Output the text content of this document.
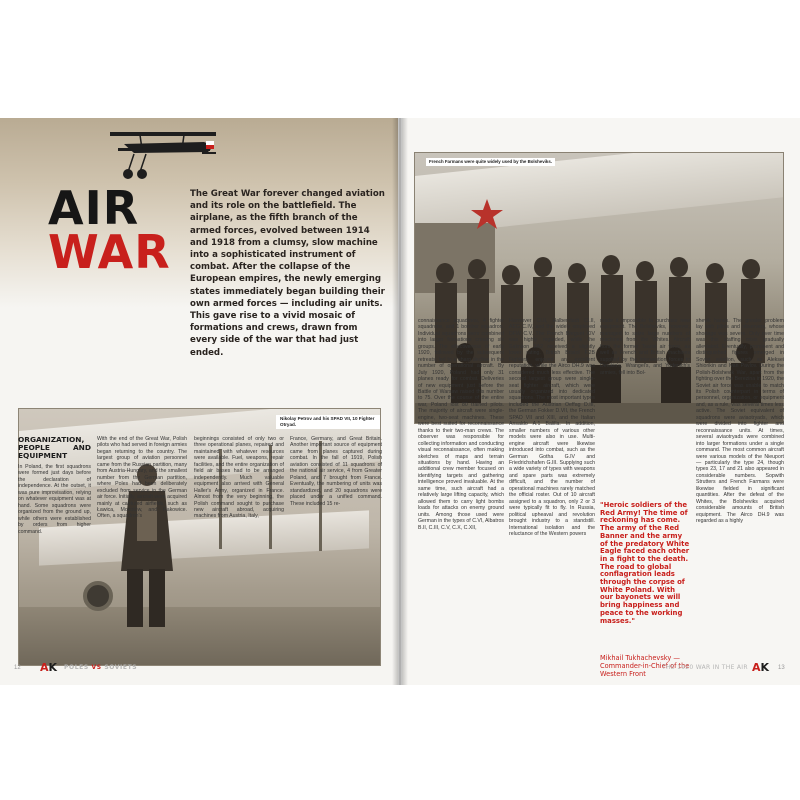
AIR
WAR
The Great War forever changed aviation and its role on the battlefield. The airplane, as the fifth branch of the armed forces, evolved between 1914 and 1918 from a clumsy, slow machine into a sophisticated instrument of combat. After the collapse of the European empires, the newly emerging states immediately began building their own armed forces — including air units. This gave rise to a vivid mosaic of formations and crews, drawn from every side of the war that had just ended.
Nikolay Petrov and his SPAD VII, 10 Fighter Otryad.
ORGANIZATION, PEOPLE AND EQUIPMENT

In Poland, the first squadrons were formed just days before the declaration of independence. At the outset, it was pure improvisation, relying on whatever equipment was at hand. Some squadrons were organized from the ground up, while others were established by orders from higher command.

With the end of the Great War, Polish pilots who had served in foreign armies began returning to the country. The largest group of aviation personnel came from the Russian partition, many from Austria-Hungary, and the smallest number from the German partition, where Poles had been deliberately excluded from service in the German air force. Initially, aircraft were acquired mainly at captured airfields, such as Ławica, Mokotów, and Rakowice. Often, a squadron's
beginnings consisted of only two or three operational planes, repaired and maintained with whatever resources were available. Fuel, weapons, repair facilities, and the entire organization of field air bases had to be arranged independently. Much valuable equipment also arrived with General Haller's Army, organized in France. Almost from the very beginning, the Polish command sought to purchase new aircraft abroad, acquiring machines from Austria, Italy,
France, Germany, and Great Britain. Another important source of equipment came from planes captured during combat. In the fall of 1919, Polish aviation consisted of 11 squadrons of the national air service, 4 from Greater Poland, and 7 brought from France. Eventually, the numbering of units was standardized, and 20 squadrons were placed under a unified command. These included 15 re-
French Farmans were quite widely used by the Bolsheviks.
connaissance squadrons, 4 fighter squadrons, and 1 bomber squadron. Individual squadrons were combined into larger formations creating six groups. The effectiveness of early 1920, followed by the subsequent retreats, led to a sharp decline in the number of operational aircraft. By July 1920, Poland had only 31 planes ready for combat. Deliveries of new equipment just before the Battle of Warsaw raised this number to 75. Over the course of the entire war, Poland lost 80 trained pilots. The majority of aircraft were single-engine, two-seat machines. These were best suited for reconnaissance thanks to their two-man crews. The observer was responsible for collecting information and conducting visual reconnaissance, often making sketches of maps and terrain situations by hand. Having an additional crew member focused on identifying targets and gathering intelligence proved invaluable. At the same time, such aircraft had a relatively large lifting capacity, which allowed them to carry light bombs loads for attacks on enemy ground units. Among those used were German in the types of C.VI, Albatros B.II, C.III, C.V, C.X, C.XII,
Hannover CI.II, Halberstadt CI.II, AEG C.IV, and the widely employed DFW C.V. The French Breguet XIV was highly regarded, while the Salmson 2A2 received a slightly lower rating. British Bristol F.2B Fighters enjoyed an excellent reputation, while the Airco DH.9 was considered much less effective. The second largest group were single-seat fighter aircraft, which were usually organized into dedicated squadrons. The most important types included the Austrian Oeffag D.III, the German Fokker D.VII, the French SPAD VII and XIII, and the Italian Ansaldo A.1 Balilla. In addition, smaller numbers of various other models were also in use. Multi-engine aircraft were likewise introduced into combat, such as the German Gotha G.IV and Friedrichshafen G.III. Supplying such a wide variety of types with weapons and spare parts was extremely difficult, and the number of operational machines rarely matched the official roster. Out of 10 aircraft assigned to a squadron, only 2 or 3 were typically fit to fly. In Russia, political upheaval and revolution brought industry to a standstill. International isolation and the reluctance of the Western powers
made it impossible to purchase new equipment. The Bolsheviks, however, managed to seize large numbers of machines from the Whites. Aircraft from the former Tsarist air force, as well as French and British machines supplied by the intervention forces to Denikin's, Wrangel's, and Yudenich's armies, fell into Bol-
"Heroic soldiers of the Red Army! The time of reckoning has come. The army of the Red Banner and the army of the predatory White Eagle faced each other in a fight to the death. The road to global conflagration leads through the corpse of White Poland. With our bayonets we will bring happiness and peace to the working masses."
Mikhail Tukhachevsky — Commander-in-Chief of the Western Front
shevik hands. The greater problem lay with pilots and observers, whose shortage was severe. Only over time was this staffing crisis gradually alleviated. Eventually, prominent and distinguished figures emerged in Soviet aviation, such as Aleksei Shiorikin and Ivan Pavlov. During the Polish-Bolshevik War, apart from the fighting over the Berezina in 1920, the Soviet air force was unable to match its Polish counterpart in terms of personnel, organization, or equipment and, as a rule, was several times less active. The Soviet equivalent of squadrons were aviaotryads, which were divided into fighter and reconnaissance units. At times, several aviaotryads were combined into larger formations under a single command. The most common aircraft were various models of the Nieuport — particularly the type 24, though types 23, 17 and 21 also appeared in considerable numbers. Sopwith Strutters and French Farmans were likewise fielded in significant quantities. After the defeat of the Whites, the Bolsheviks acquired considerable amounts of British equipment. The Airco DH.9 was regarded as a highly
12 AK POLES VS SOVIETS	THE 1920 WAR IN THE AIR AK 13
